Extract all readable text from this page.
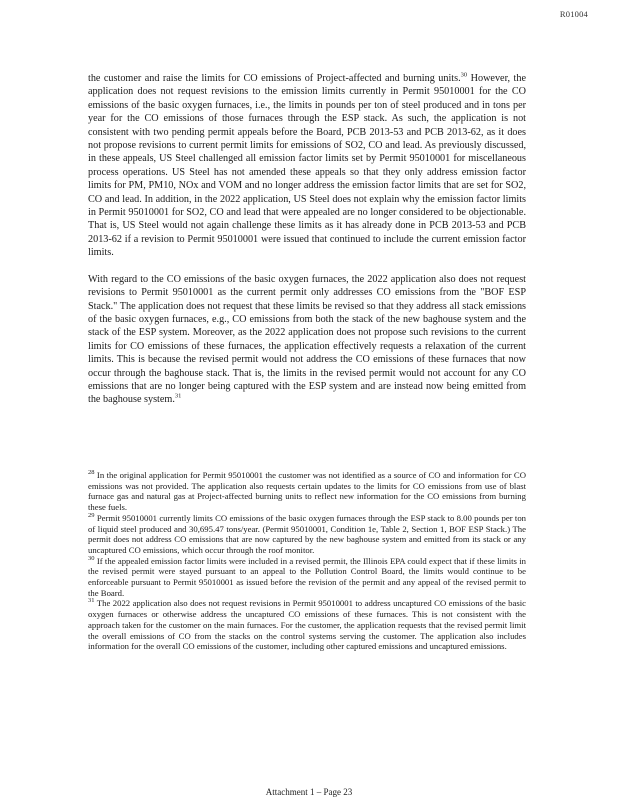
R01004

the customer and raise the limits for CO emissions of Project-affected and burning units.$^{30}$ However, the application does not request revisions to the emission limits currently in Permit 95010001 for the CO emissions of the basic oxygen furnaces, i.e., the limits in pounds per ton of steel produced and in tons per year for the CO emissions of those furnaces through the ESP stack. As such, the application is not consistent with two pending permit appeals before the Board, PCB 2013-53 and PCB 2013-62, as it does not propose revisions to current permit limits for emissions of SO2, CO and lead. As previously discussed, in these appeals, US Steel challenged all emission factor limits set by Permit 95010001 for miscellaneous process operations. US Steel has not amended these appeals so that they only address emission factor limits for PM, PM10, NOx and VOM and no longer address the emission factor limits that are set for SO2, CO and lead. In addition, in the 2022 application, US Steel does not explain why the emission factor limits in Permit 95010001 for SO2, CO and lead that were appealed are no longer considered to be objectionable. That is, US Steel would not again challenge these limits as it has already done in PCB 2013-53 and PCB 2013-62 if a revision to Permit 95010001 were issued that continued to include the current emission factor limits.

With regard to the CO emissions of the basic oxygen furnaces, the 2022 application also does not request revisions to Permit 95010001 as the current permit only addresses CO emissions from the "BOF ESP Stack." The application does not request that these limits be revised so that they address all stack emissions of the basic oxygen furnaces, e.g., CO emissions from both the stack of the new baghouse system and the stack of the ESP system. Moreover, as the 2022 application does not propose such revisions to the current limits for CO emissions of these furnaces, the application effectively requests a relaxation of the current limits. This is because the revised permit would not address the CO emissions of these furnaces that now occur through the baghouse stack. That is, the limits in the revised permit would not account for any CO emissions that are no longer being captured with the ESP system and are instead now being emitted from the baghouse system.$^{31}$

$^{28}$ In the original application for Permit 95010001 the customer was not identified as a source of CO and information for CO emissions was not provided. The application also requests certain updates to the limits for CO emissions from use of blast furnace gas and natural gas at Project-affected burning units to reflect new information for the CO emissions from burning these fuels.

$^{29}$ Permit 95010001 currently limits CO emissions of the basic oxygen furnaces through the ESP stack to 8.00 pounds per ton of liquid steel produced and 30,695.47 tons/year. (Permit 95010001, Condition 1e, Table 2, Section 1, BOF ESP Stack.) The permit does not address CO emissions that are now captured by the new baghouse system and emitted from its stack or any uncaptured CO emissions, which occur through the roof monitor.

$^{30}$ If the appealed emission factor limits were included in a revised permit, the Illinois EPA could expect that if these limits in the revised permit were stayed pursuant to an appeal to the Pollution Control Board, the limits would continue to be enforceable pursuant to Permit 95010001 as issued before the revision of the permit and any appeal of the revised permit to the Board.

$^{31}$ The 2022 application also does not request revisions in Permit 95010001 to address uncaptured CO emissions of the basic oxygen furnaces or otherwise address the uncaptured CO emissions of these furnaces. This is not consistent with the approach taken for the customer on the main furnaces. For the customer, the application requests that the revised permit limit the overall emissions of CO from the stacks on the control systems serving the customer. The application also includes information for the overall CO emissions of the customer, including other captured emissions and uncaptured emissions.

Attachment 1 – Page 23
